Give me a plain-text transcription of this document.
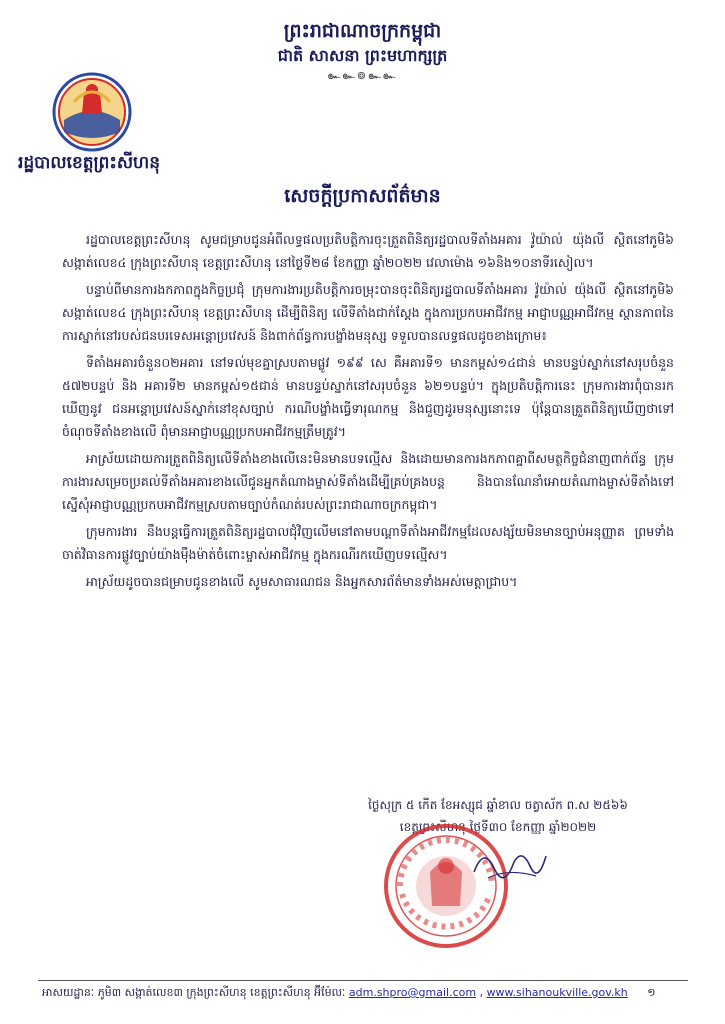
ព្រះរាជាណាចក្រកម្ពុជា
ជាតិ សាសនា ព្រះមហាក្សត្រ
๛๛៙๛๛
រដ្ឋបាលខេត្តព្រះសីហនុ
សេចក្តីប្រកាសព័ត៌មាន

រដ្ឋបាលខេត្តព្រះសីហនុ សូមជម្រាបជូនអំពីលទ្ធផលប្រតិបត្តិការចុះត្រួតពិនិត្យរដ្ឋបាលទីតាំងអគារ វ៉ូយ៉ាល់ យ៉ុងលី ស្ថិតនៅភូមិ៦ សង្កាត់លេខ៤ ក្រុងព្រះសីហនុ ខេត្តព្រះសីហនុ នៅថ្ងៃទី២៨ ខែកញ្ញា ឆ្នាំ២០២២ វេលាម៉ោង ១៦និង១០នាទីរសៀល។

បន្ទាប់ពីមានការងកភាពក្នុងកិច្ចប្រជុំ ក្រុមការងារប្រតិបត្តិការចម្រុះបានចុះពិនិត្យរដ្ឋបាលទីតាំងអគារ វ៉ូយ៉ាល់ យ៉ុងលី ស្ថិតនៅភូមិ៦ សង្កាត់លេខ៤ ក្រុងព្រះសីហនុ ខេត្តព្រះសីហនុ ដើម្បីពិនិត្យ លើទីតាំងជាក់ស្តែង ក្នុងការប្រកបអាជីវកម្ម អាជ្ញាបណ្ណអាជីវកម្ម ស្ថានភាពនៃការស្នាក់នៅរបស់ជនបរទេសអន្តោប្រវេសន៍ និងពាក់ព័ន្ធការបង្ខាំងមនុស្ស ទទួលបានលទ្ធផលដូចខាងក្រោម៖

ទីតាំងអគារចំនួន០២អគារ នៅទល់មុខគ្នាស្របតាមផ្លូវ ១៩៩ សេ គឺអគារទី១ មានកម្ពស់១៤ជាន់ មានបន្ទប់ស្នាក់នៅសរុបចំនួន ៥៧២បន្ទប់ និង អគារទី២ មានកម្ពស់១៥ជាន់ មានបន្ទប់ស្នាក់នៅសរុបចំនួន ៦២១បន្ទប់។ ក្នុងប្រតិបត្តិការនេះ ក្រុមការងារពុំបានរកឃើញនូវ ជនអន្តោប្រវេសន៍ស្នាក់នៅខុសច្បាប់ ករណីបង្ខាំងធ្វើទារុណកម្ម និងជួញដូរមនុស្សនោះទេ ប៉ុន្តែបានត្រួតពិនិត្យឃើញថាទៅចំណុចទីតាំងខាងលើ ពុំមានអាជ្ញាបណ្ណប្រកបអាជីវកម្មត្រឹមត្រូវ។

អាស្រ័យដោយការត្រួតពិនិត្យលើទីតាំងខាងលើនេះមិនមានបទល្មើស និងដោយមានការងកភាពគ្នាពីសមត្ថកិច្ចជំនាញពាក់ព័ន្ធ ក្រុមការងារសម្រេចប្រគល់ទីតាំងអគារខាងលើជូនអ្នកតំណាងម្ចាស់ទីតាំងដើម្បីគ្រប់គ្រងបន្ត និងបានណែនាំអោយតំណាងម្ចាស់ទីតាំងទៅស្នើសុំអាជ្ញាបណ្ណប្រកបអាជីវកម្មស្របតាមច្បាប់កំណត់របស់ព្រះរាជាណាចក្រកម្ពុជា។

ក្រុមការងារ នឹងបន្តធ្វើការត្រួតពិនិត្យរដ្ឋបាលជុំវិញលើមនៅតាមបណ្តាទីតាំងអាជីវកម្មដែលសង្ស័យមិនមានច្បាប់អនុញ្ញាត ព្រមទាំងចាត់វិធានការផ្លូវច្បាប់យ៉ាងម៉ឺងម៉ាត់ចំពោះម្ចាស់អាជីវកម្ម ក្នុងករណីរកឃើញបទល្មើស។

អាស្រ័យដូចបានជម្រាបជូនខាងលើ សូមសាធារណជន និងអ្នកសារព័ត៌មានទាំងអស់មេត្តាជ្រាប។

ថ្ងៃសុក្រ ៥ កើត ខែអស្សុជ ឆ្នាំខាល ចត្វាស័ក ព.ស ២៥៦៦
ខេត្តព្រះសីហនុ ថ្ងៃទី៣០ ខែកញ្ញា ឆ្នាំ២០២២
អាសយដ្ឋានៈ ភូមិ៣ សង្កាត់លេខ៣ ក្រុងព្រះសីហនុ ខេត្តព្រះសីហនុ អ៊ីម៉ែលៈ adm.shpro@gmail.com , www.sihanoukville.gov.kh ១
